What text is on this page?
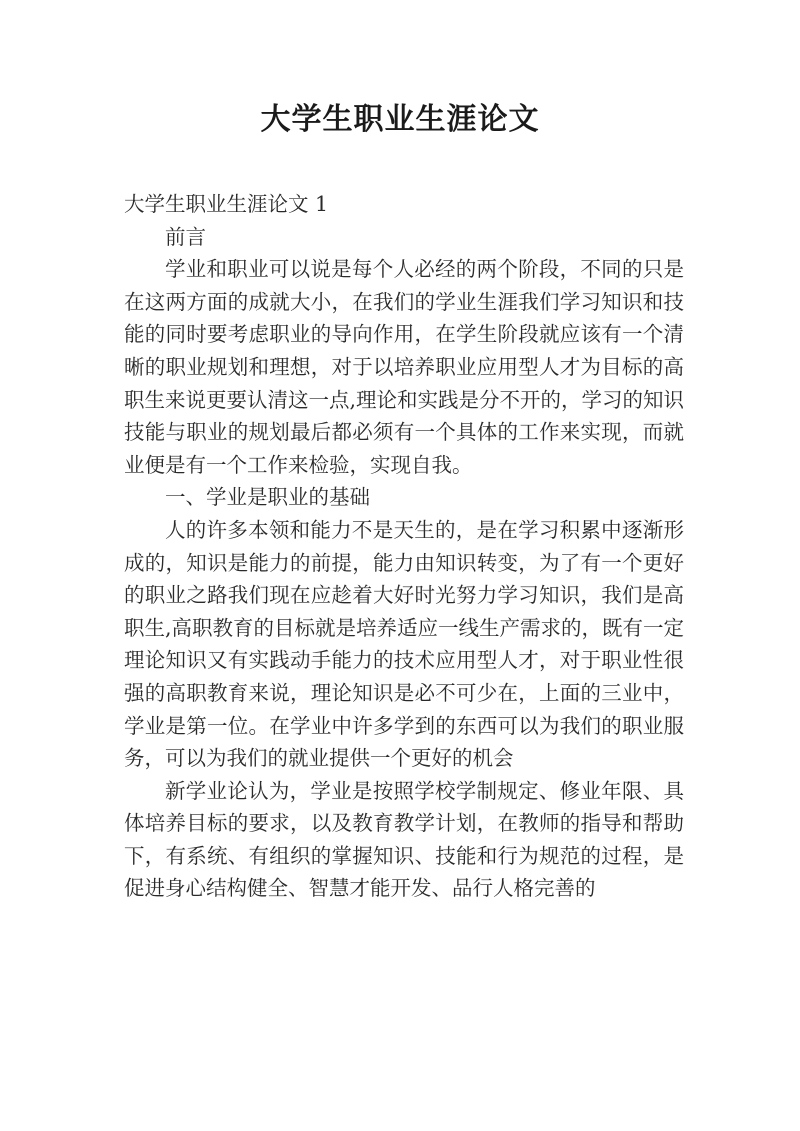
大学生职业生涯论文

大学生职业生涯论文 1

前言

学业和职业可以说是每个人必经的两个阶段，不同的只是在这两方面的成就大小，在我们的学业生涯我们学习知识和技能的同时要考虑职业的导向作用，在学生阶段就应该有一个清晰的职业规划和理想，对于以培养职业应用型人才为目标的高职生来说更要认清这一点,理论和实践是分不开的，学习的知识技能与职业的规划最后都必须有一个具体的工作来实现，而就业便是有一个工作来检验，实现自我。

一、学业是职业的基础

人的许多本领和能力不是天生的，是在学习积累中逐渐形成的，知识是能力的前提，能力由知识转变，为了有一个更好的职业之路我们现在应趁着大好时光努力学习知识，我们是高职生,高职教育的目标就是培养适应一线生产需求的，既有一定理论知识又有实践动手能力的技术应用型人才，对于职业性很强的高职教育来说，理论知识是必不可少在，上面的三业中，学业是第一位。在学业中许多学到的东西可以为我们的职业服务，可以为我们的就业提供一个更好的机会

新学业论认为，学业是按照学校学制规定、修业年限、具体培养目标的要求，以及教育教学计划，在教师的指导和帮助下，有系统、有组织的掌握知识、技能和行为规范的过程，是促进身心结构健全、智慧才能开发、品行人格完善的
